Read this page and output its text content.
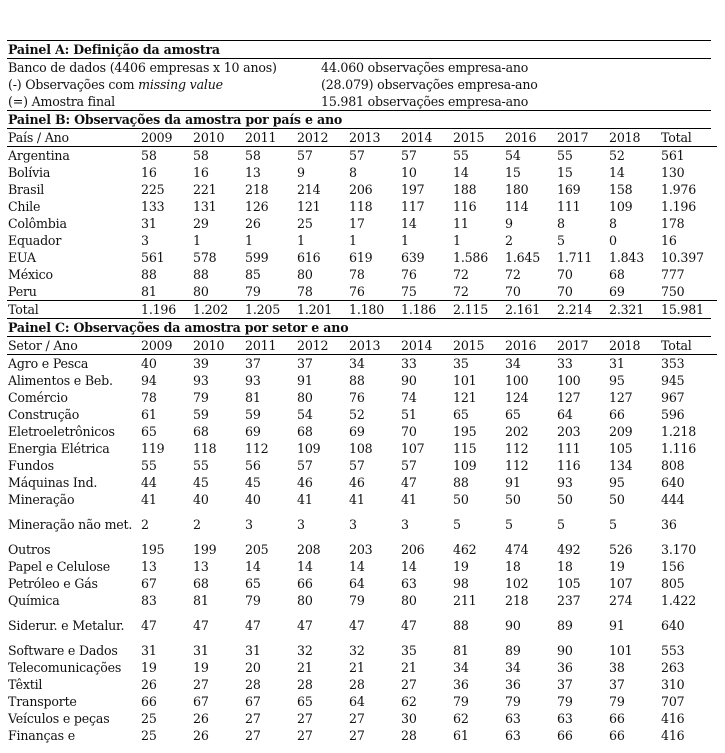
Painel A: Definição da amostra
Banco de dados (4406 empresas x 10 anos)	44.060 observações empresa-ano
(-) Observações com missing value	(28.079) observações empresa-ano
(=) Amostra final	15.981 observações empresa-ano
Painel B: Observações da amostra por país e ano
País / Ano	2009	2010	2011	2012	2013	2014	2015	2016	2017	2018	Total
Argentina	58	58	58	57	57	57	55	54	55	52	561
Bolívia	16	16	13	9	8	10	14	15	15	14	130
Brasil	225	221	218	214	206	197	188	180	169	158	1.976
Chile	133	131	126	121	118	117	116	114	111	109	1.196
Colômbia	31	29	26	25	17	14	11	9	8	8	178
Equador	3	1	1	1	1	1	1	2	5	0	16
EUA	561	578	599	616	619	639	1.586	1.645	1.711	1.843	10.397
México	88	88	85	80	78	76	72	72	70	68	777
Peru	81	80	79	78	76	75	72	70	70	69	750
Total	1.196	1.202	1.205	1.201	1.180	1.186	2.115	2.161	2.214	2.321	15.981
Painel C: Observações da amostra por setor e ano
Setor / Ano	2009	2010	2011	2012	2013	2014	2015	2016	2017	2018	Total
Agro e Pesca	40	39	37	37	34	33	35	34	33	31	353
Alimentos e Beb.	94	93	93	91	88	90	101	100	100	95	945
Comércio	78	79	81	80	76	74	121	124	127	127	967
Construção	61	59	59	54	52	51	65	65	64	66	596
Eletroeletrônicos	65	68	69	68	69	70	195	202	203	209	1.218
Energia Elétrica	119	118	112	109	108	107	115	112	111	105	1.116
Fundos	55	55	56	57	57	57	109	112	116	134	808
Máquinas Ind.	44	45	45	46	46	47	88	91	93	95	640
Mineração	41	40	40	41	41	41	50	50	50	50	444
Mineração não met.	2	2	3	3	3	3	5	5	5	5	36
Outros	195	199	205	208	203	206	462	474	492	526	3.170
Papel e Celulose	13	13	14	14	14	14	19	18	18	19	156
Petróleo e Gás	67	68	65	66	64	63	98	102	105	107	805
Química	83	81	79	80	79	80	211	218	237	274	1.422
Siderur. e Metalur.	47	47	47	47	47	47	88	90	89	91	640
Software e Dados	31	31	31	32	32	35	81	89	90	101	553
Telecomunicações	19	19	20	21	21	21	34	34	36	38	263
Têxtil	26	27	28	28	28	27	36	36	37	37	310
Transporte	66	67	67	65	64	62	79	79	79	79	707
Veículos e peças	25	26	27	27	27	30	62	63	63	66	416
Finanças e	25	26	27	27	27	28	61	63	66	66	416
